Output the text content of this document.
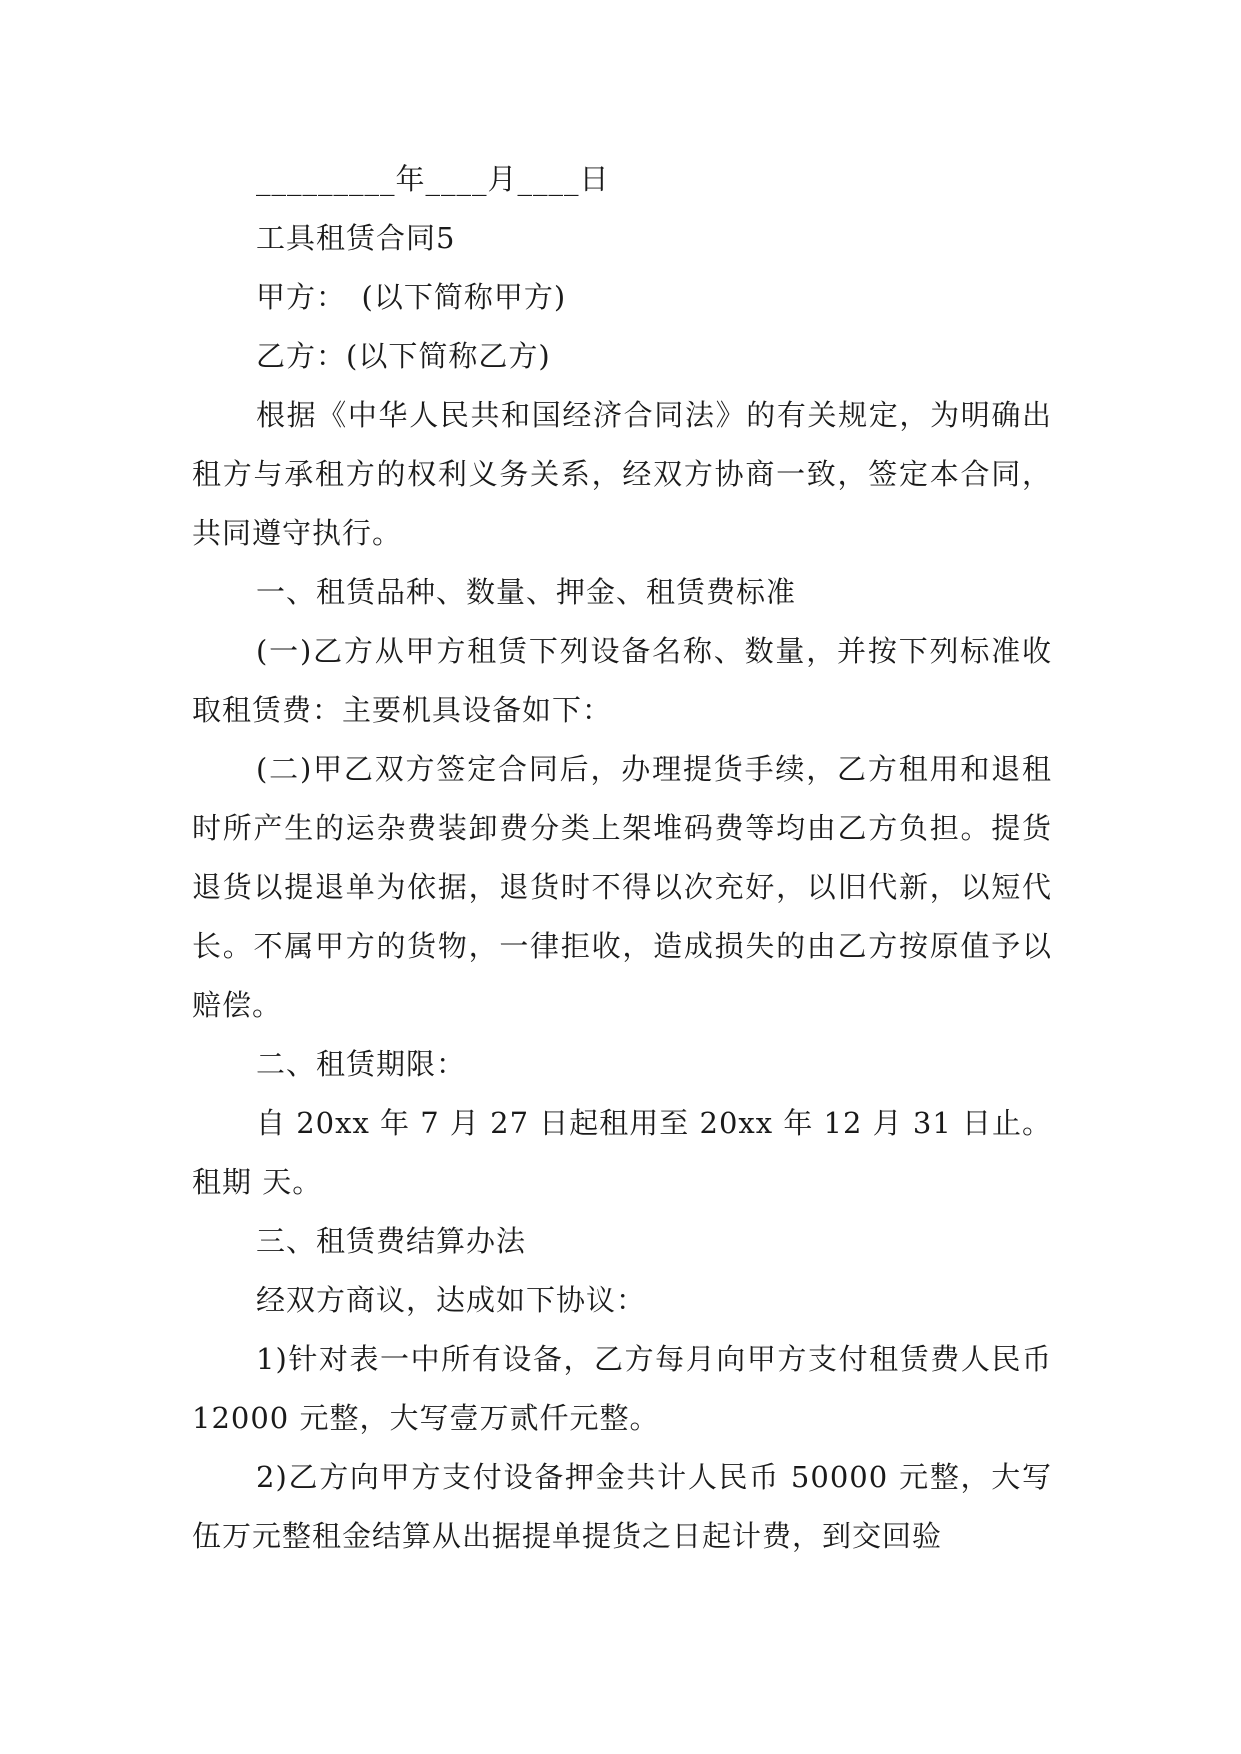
_________年____月____日

工具租赁合同5

甲方：　(以下简称甲方)

乙方：(以下简称乙方)

根据《中华人民共和国经济合同法》的有关规定，为明确出租方与承租方的权利义务关系，经双方协商一致，签定本合同，共同遵守执行。

一、租赁品种、数量、押金、租赁费标准

(一)乙方从甲方租赁下列设备名称、数量，并按下列标准收取租赁费：主要机具设备如下：

(二)甲乙双方签定合同后，办理提货手续，乙方租用和退租时所产生的运杂费装卸费分类上架堆码费等均由乙方负担。提货退货以提退单为依据，退货时不得以次充好，以旧代新，以短代长。不属甲方的货物，一律拒收，造成损失的由乙方按原值予以赔偿。

二、租赁期限：

自 20xx 年 7 月 27 日起租用至 20xx 年 12 月 31 日止。租期 天。

三、租赁费结算办法

经双方商议，达成如下协议：

1)针对表一中所有设备，乙方每月向甲方支付租赁费人民币 12000 元整，大写壹万贰仟元整。

2)乙方向甲方支付设备押金共计人民币 50000 元整，大写伍万元整租金结算从出据提单提货之日起计费，到交回验
